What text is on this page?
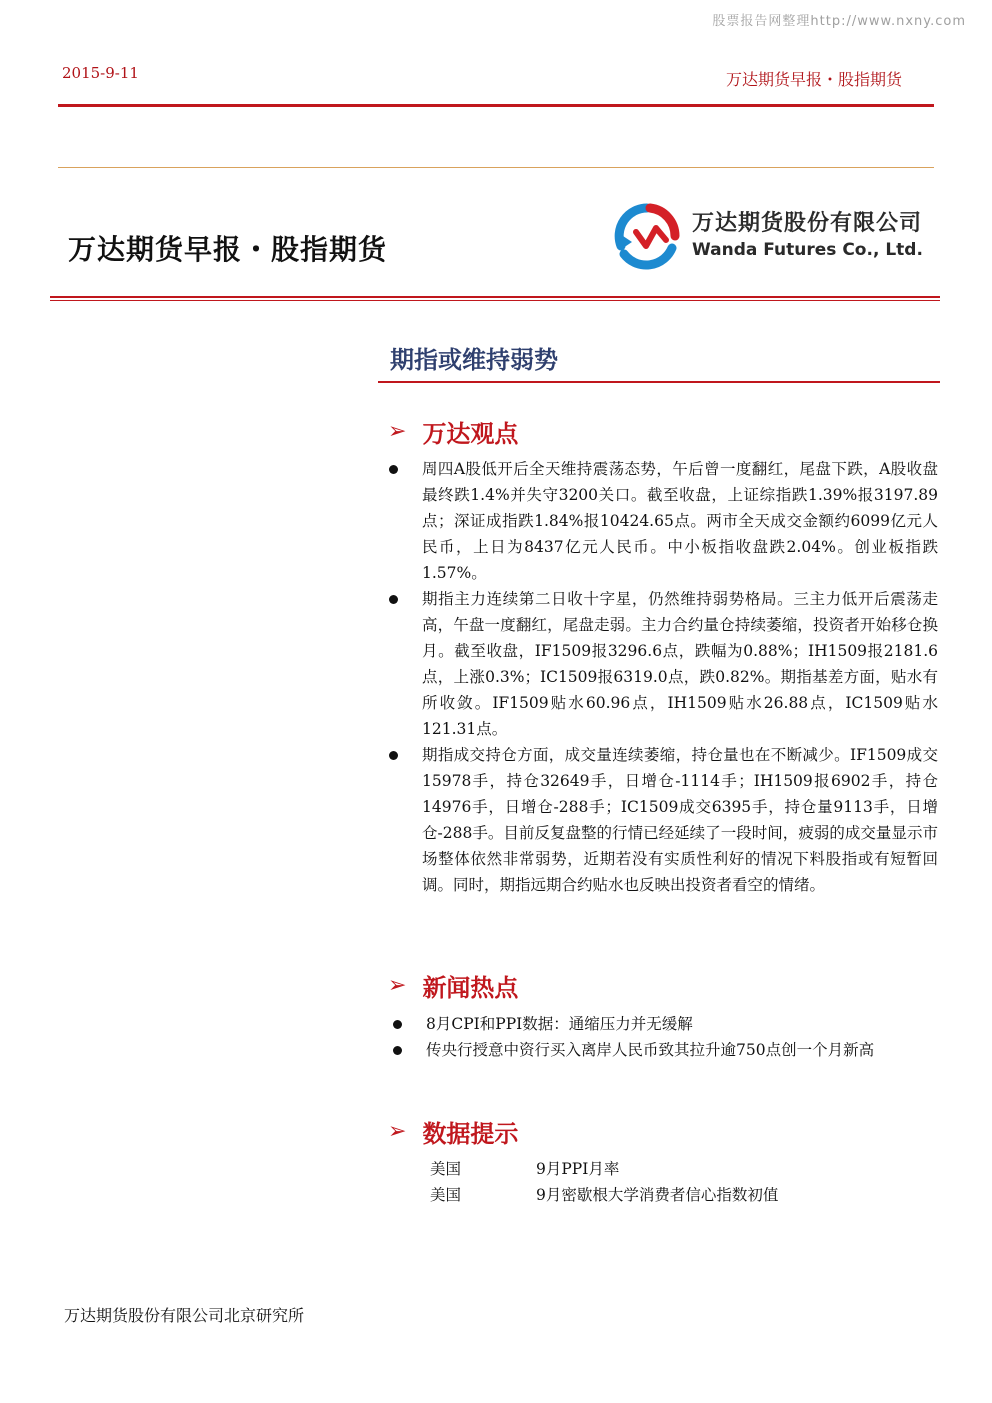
股票报告网整理http://www.nxny.com
2015-9-11	万达期货早报・股指期货
万达期货早报・股指期货
万达期货股份有限公司
Wanda Futures Co., Ltd.
期指或维持弱势
➢ 万达观点
周四A股低开后全天维持震荡态势，午后曾一度翻红，尾盘下跌，A股收盘最终跌1.4%并失守3200关口。截至收盘，上证综指跌1.39%报3197.89点；深证成指跌1.84%报10424.65点。两市全天成交金额约6099亿元人民币，上日为8437亿元人民币。中小板指收盘跌2.04%。创业板指跌1.57%。
期指主力连续第二日收十字星，仍然维持弱势格局。三主力低开后震荡走高，午盘一度翻红，尾盘走弱。主力合约量仓持续萎缩，投资者开始移仓换月。截至收盘，IF1509报3296.6点，跌幅为0.88%；IH1509报2181.6点，上涨0.3%；IC1509报6319.0点，跌0.82%。期指基差方面，贴水有所收敛。IF1509贴水60.96点，IH1509贴水26.88点，IC1509贴水121.31点。
期指成交持仓方面，成交量连续萎缩，持仓量也在不断减少。IF1509成交15978手，持仓32649手，日增仓-1114手；IH1509报6902手，持仓14976手，日增仓-288手；IC1509成交6395手，持仓量9113手，日增仓-288手。目前反复盘整的行情已经延续了一段时间，疲弱的成交量显示市场整体依然非常弱势，近期若没有实质性利好的情况下料股指或有短暂回调。同时，期指远期合约贴水也反映出投资者看空的情绪。
➢ 新闻热点
8月CPI和PPI数据：通缩压力并无缓解
传央行授意中资行买入离岸人民币致其拉升逾750点创一个月新高
➢ 数据提示
美国	9月PPI月率
美国	9月密歇根大学消费者信心指数初值
万达期货股份有限公司北京研究所
